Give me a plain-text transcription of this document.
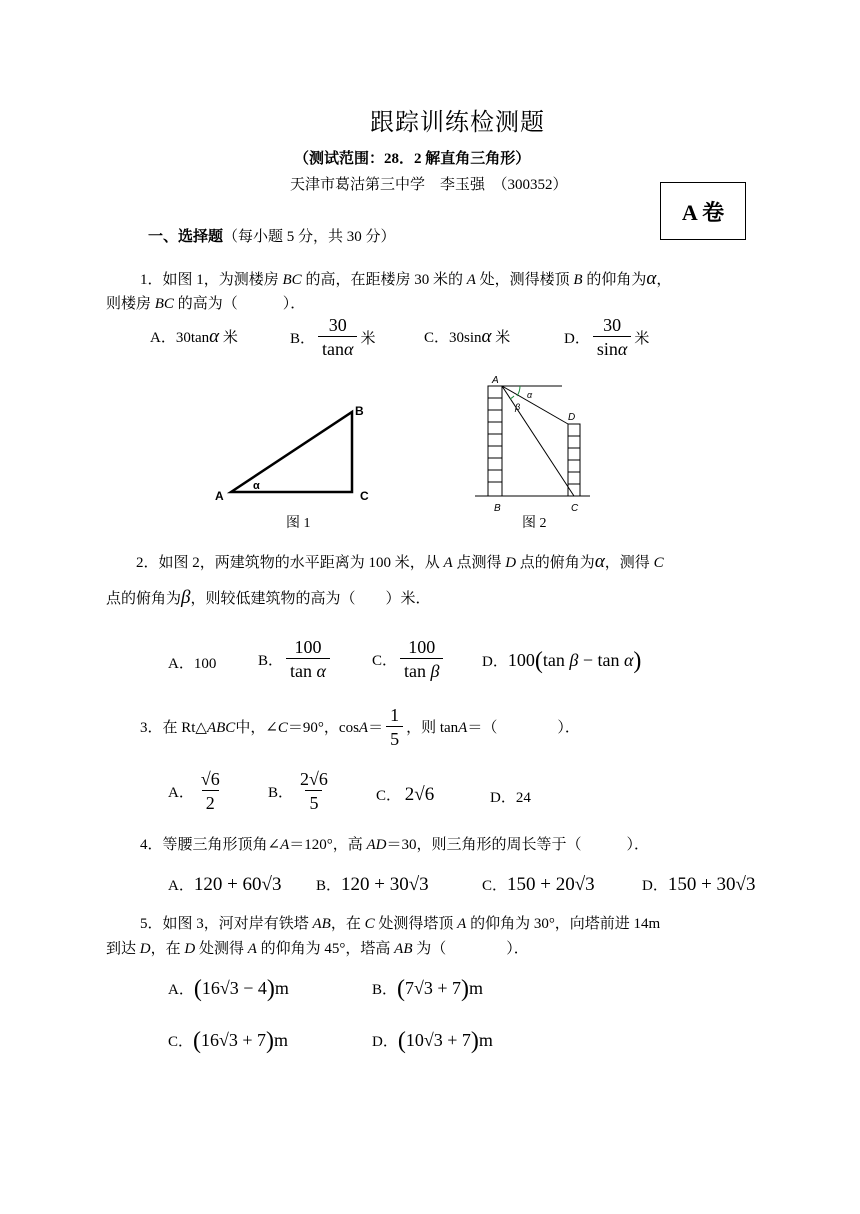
跟踪训练检测题
（测试范围：28．2 解直角三角形）
天津市葛沽第三中学　李玉强　（300352）
A 卷
一、选择题（每小题 5 分，共 30 分）
1．如图 1，为测楼房 BC 的高，在距楼房 30 米的 A 处，测得楼顶 B 的仰角为α，
则楼房 BC 的高为（　　　）．
A．30tanα 米	B． $\frac{30}{\tan\alpha}$ 米	C．30sinα 米	D． $\frac{30}{\sin\alpha}$ 米
A
B
C
α
图 1
A
D
B	C
α
β
图 2
2．如图 2，两建筑物的水平距离为 100 米，从 A 点测得 D 点的俯角为α，测得 C
点的俯角为β，则较低建筑物的高为（　　）米．
A．100	B． $\frac{100}{\text{tan α}}$	C． $\frac{100}{\text{tan β}}$	D．100(tan β − tan α)
3．在 Rt△ ABC 中，∠ C ＝90°，$\cos A = \frac{1}{5}$ ，则 tan A ＝（　　　　）．
A． $\frac{√6}{2}$	B． $\frac{2√6}{5}$	C． 2√6	D．24
4．等腰三角形顶角∠A＝120°，高 AD＝30，则三角形的周长等于（　　　）．
A．120 + 60√3 B．120 + 30√3	C．150 + 20√3	D．150 + 30√3
5．如图 3，河对岸有铁塔 AB，在 C 处测得塔顶 A 的仰角为 30°，向塔前进 14m
到达 D，在 D 处测得 A 的仰角为 45°，塔高 AB 为（　　　　）．
A．(16√3 − 4)m	B．(7√3 + 7)m
C．(16√3 + 7)m	D．(10√3 + 7)m
